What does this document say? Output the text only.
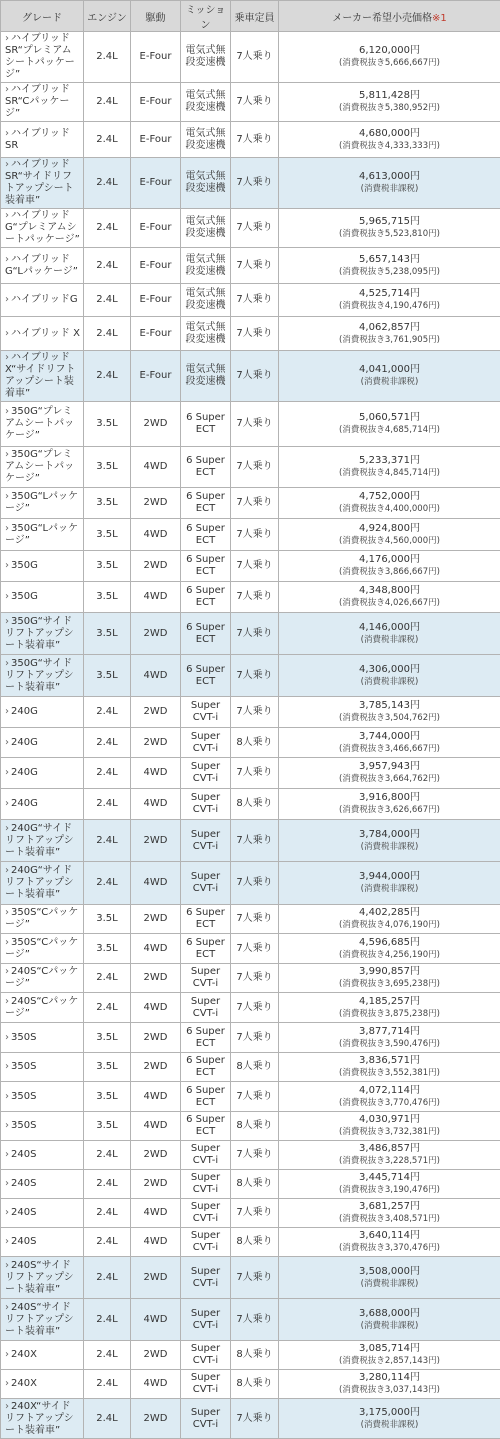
グレード	エンジン	駆動	ミッション	乗車定員	メーカー希望小売価格※1
› ハイブリッド SR“プレミアムシートパッケージ”	2.4L	E-Four	電気式無段変速機	7人乗り	6,120,000円
(消費税抜き5,666,667円)

› ハイブリッド SR“Cパッケージ”	2.4L	E-Four	電気式無段変速機	7人乗り	5,811,428円
(消費税抜き5,380,952円)

› ハイブリッド SR	2.4L	E-Four	電気式無段変速機	7人乗り	4,680,000円
(消費税抜き4,333,333円)

› ハイブリッド SR“サイドリフトアップシート装着車”	2.4L	E-Four	電気式無段変速機	7人乗り	4,613,000円
(消費税非課税)

› ハイブリッドG“プレミアムシートパッケージ”	2.4L	E-Four	電気式無段変速機	7人乗り	5,965,715円
(消費税抜き5,523,810円)

› ハイブリッドG“Lパッケージ”	2.4L	E-Four	電気式無段変速機	7人乗り	5,657,143円
(消費税抜き5,238,095円)

› ハイブリッドG	2.4L	E-Four	電気式無段変速機	7人乗り	4,525,714円
(消費税抜き4,190,476円)

› ハイブリッド X	2.4L	E-Four	電気式無段変速機	7人乗り	4,062,857円
(消費税抜き3,761,905円)

› ハイブリッド X“サイドリフトアップシート装着車”	2.4L	E-Four	電気式無段変速機	7人乗り	4,041,000円
(消費税非課税)

› 350G“プレミアムシートパッケージ”	3.5L	2WD	6 Super ECT	7人乗り	5,060,571円
(消費税抜き4,685,714円)

› 350G“プレミアムシートパッケージ”	3.5L	4WD	6 Super ECT	7人乗り	5,233,371円
(消費税抜き4,845,714円)

› 350G“Lパッケージ”	3.5L	2WD	6 Super ECT	7人乗り	4,752,000円
(消費税抜き4,400,000円)

› 350G“Lパッケージ”	3.5L	4WD	6 Super ECT	7人乗り	4,924,800円
(消費税抜き4,560,000円)

› 350G	3.5L	2WD	6 Super ECT	7人乗り	4,176,000円
(消費税抜き3,866,667円)

› 350G	3.5L	4WD	6 Super ECT	7人乗り	4,348,800円
(消費税抜き4,026,667円)

› 350G“サイドリフトアップシート装着車”	3.5L	2WD	6 Super ECT	7人乗り	4,146,000円
(消費税非課税)

› 350G“サイドリフトアップシート装着車”	3.5L	4WD	6 Super ECT	7人乗り	4,306,000円
(消費税非課税)

› 240G	2.4L	2WD	Super CVT-i	7人乗り	3,785,143円
(消費税抜き3,504,762円)

› 240G	2.4L	2WD	Super CVT-i	8人乗り	3,744,000円
(消費税抜き3,466,667円)

› 240G	2.4L	4WD	Super CVT-i	7人乗り	3,957,943円
(消費税抜き3,664,762円)

› 240G	2.4L	4WD	Super CVT-i	8人乗り	3,916,800円
(消費税抜き3,626,667円)

› 240G“サイドリフトアップシート装着車”	2.4L	2WD	Super CVT-i	7人乗り	3,784,000円
(消費税非課税)

› 240G“サイドリフトアップシート装着車”	2.4L	4WD	Super CVT-i	7人乗り	3,944,000円
(消費税非課税)

› 350S“Cパッケージ”	3.5L	2WD	6 Super ECT	7人乗り	4,402,285円
(消費税抜き4,076,190円)

› 350S“Cパッケージ”	3.5L	4WD	6 Super ECT	7人乗り	4,596,685円
(消費税抜き4,256,190円)

› 240S“Cパッケージ”	2.4L	2WD	Super CVT-i	7人乗り	3,990,857円
(消費税抜き3,695,238円)

› 240S“Cパッケージ”	2.4L	4WD	Super CVT-i	7人乗り	4,185,257円
(消費税抜き3,875,238円)

› 350S	3.5L	2WD	6 Super ECT	7人乗り	3,877,714円
(消費税抜き3,590,476円)

› 350S	3.5L	2WD	6 Super ECT	8人乗り	3,836,571円
(消費税抜き3,552,381円)

› 350S	3.5L	4WD	6 Super ECT	7人乗り	4,072,114円
(消費税抜き3,770,476円)

› 350S	3.5L	4WD	6 Super ECT	8人乗り	4,030,971円
(消費税抜き3,732,381円)

› 240S	2.4L	2WD	Super CVT-i	7人乗り	3,486,857円
(消費税抜き3,228,571円)

› 240S	2.4L	2WD	Super CVT-i	8人乗り	3,445,714円
(消費税抜き3,190,476円)

› 240S	2.4L	4WD	Super CVT-i	7人乗り	3,681,257円
(消費税抜き3,408,571円)

› 240S	2.4L	4WD	Super CVT-i	8人乗り	3,640,114円
(消費税抜き3,370,476円)

› 240S“サイドリフトアップシート装着車”	2.4L	2WD	Super CVT-i	7人乗り	3,508,000円
(消費税非課税)

› 240S“サイドリフトアップシート装着車”	2.4L	4WD	Super CVT-i	7人乗り	3,688,000円
(消費税非課税)

› 240X	2.4L	2WD	Super CVT-i	8人乗り	3,085,714円
(消費税抜き2,857,143円)

› 240X	2.4L	4WD	Super CVT-i	8人乗り	3,280,114円
(消費税抜き3,037,143円)

› 240X“サイドリフトアップシート装着車”	2.4L	2WD	Super CVT-i	7人乗り	3,175,000円
(消費税非課税)
